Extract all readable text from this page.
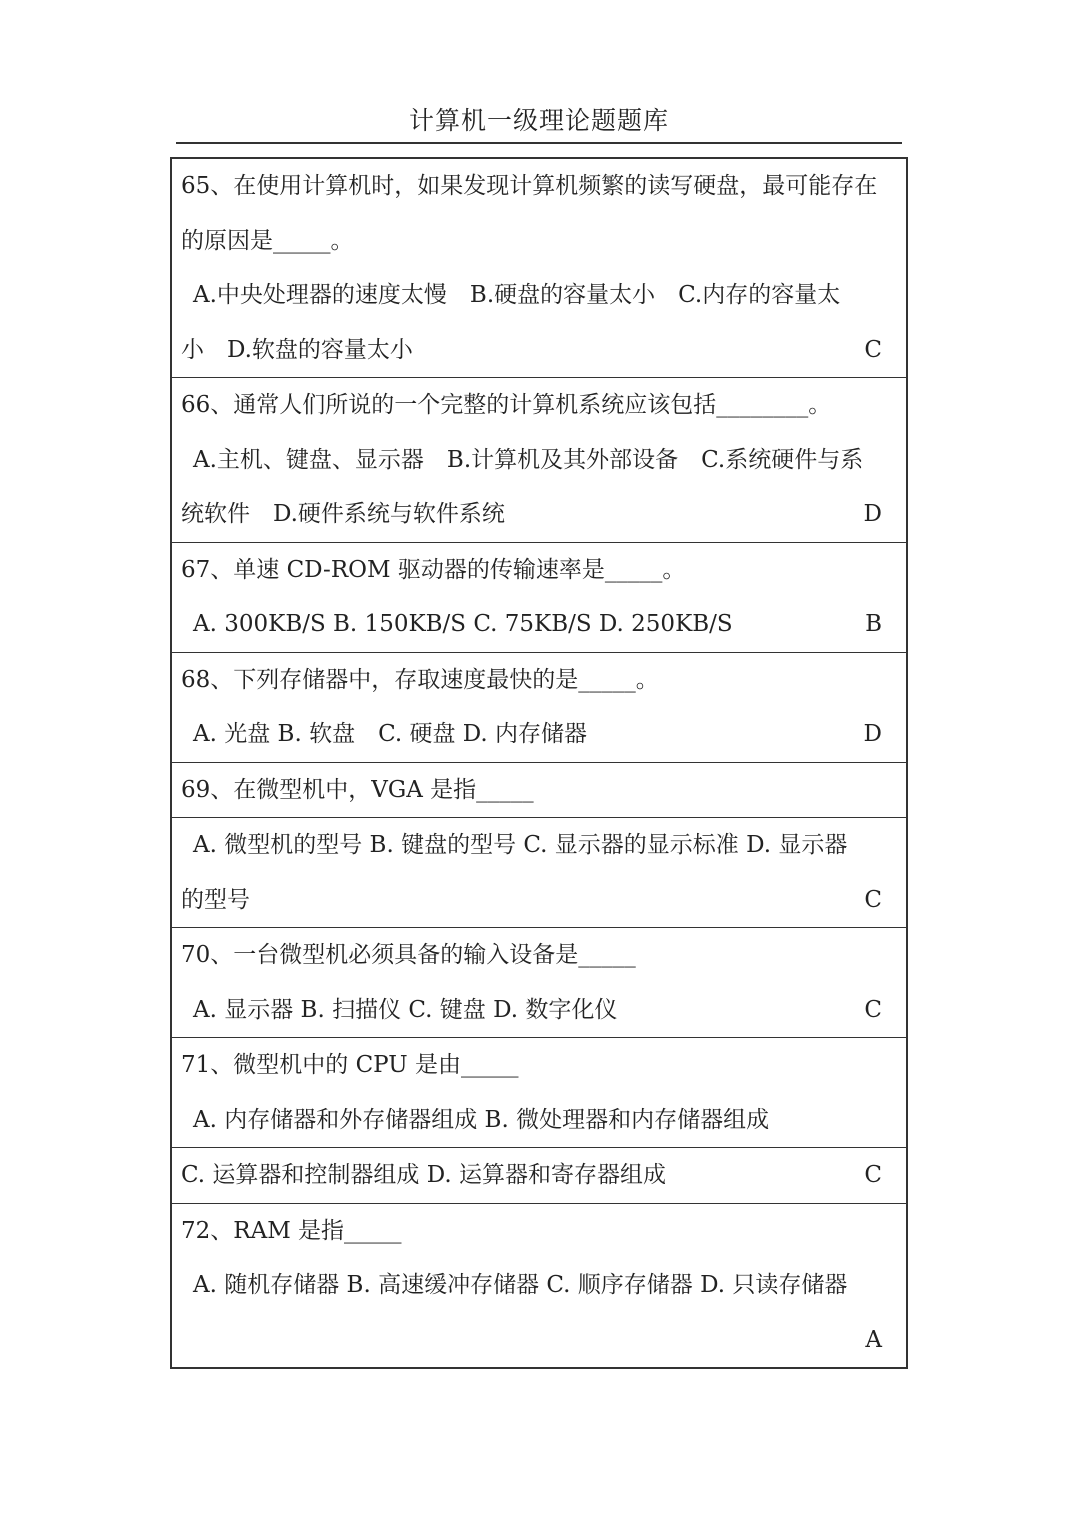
计算机一级理论题题库
65、在使用计算机时，如果发现计算机频繁的读写硬盘，最可能存在
的原因是_____。
A.中央处理器的速度太慢　B.硬盘的容量太小　C.内存的容量太
小　D.软盘的容量太小	C
66、通常人们所说的一个完整的计算机系统应该包括________。
A.主机、键盘、显示器　B.计算机及其外部设备　C.系统硬件与系
统软件　D.硬件系统与软件系统	D
67、单速 CD-ROM 驱动器的传输速率是_____。
A. 300KB/S B. 150KB/S C. 75KB/S D. 250KB/S	B
68、下列存储器中，存取速度最快的是_____。
A. 光盘 B. 软盘　C. 硬盘 D. 内存储器	D
69、在微型机中，VGA 是指_____
A. 微型机的型号 B. 键盘的型号 C. 显示器的显示标准 D. 显示器
的型号	C
70、一台微型机必须具备的输入设备是_____
A. 显示器 B. 扫描仪 C. 键盘 D. 数字化仪	C
71、微型机中的 CPU 是由_____
A. 内存储器和外存储器组成 B. 微处理器和内存储器组成
C. 运算器和控制器组成 D. 运算器和寄存器组成	C
72、RAM 是指_____
A. 随机存储器 B. 高速缓冲存储器 C. 顺序存储器 D. 只读存储器
A
